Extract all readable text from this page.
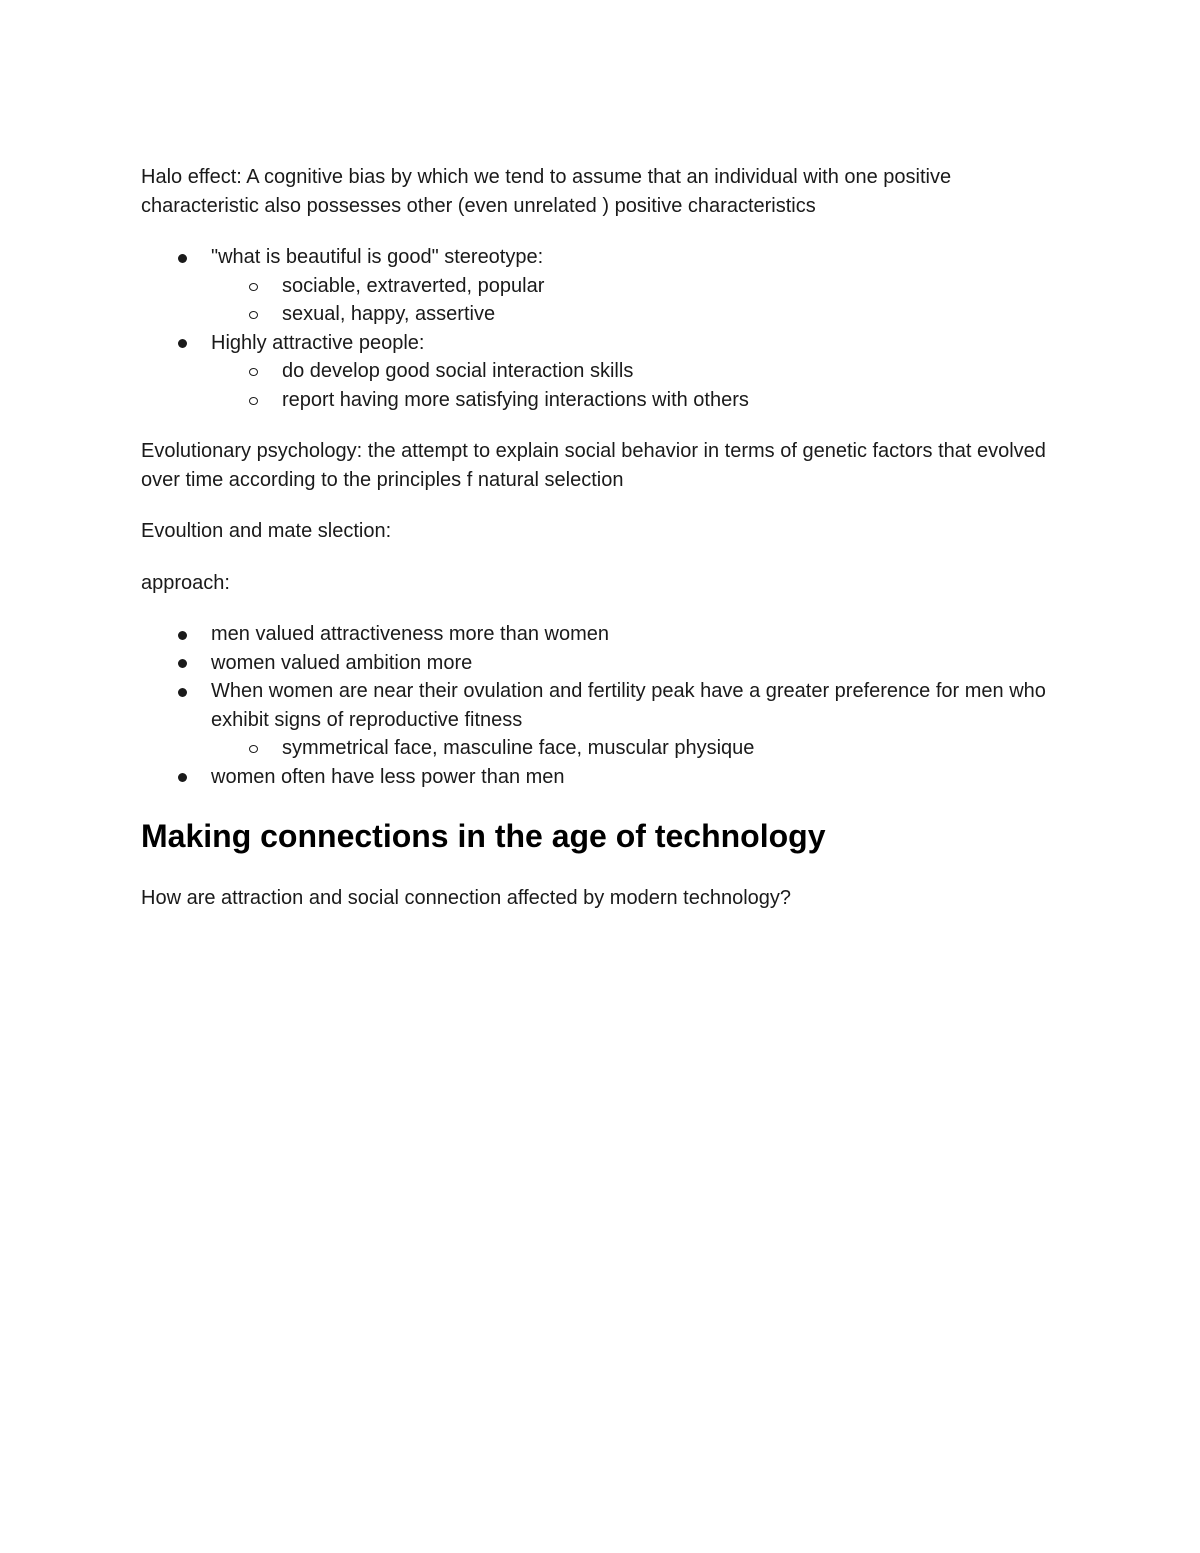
Halo effect: A cognitive bias by which we tend to assume that an individual with one positive characteristic also possesses other (even unrelated ) positive characteristics

"what is beautiful is good" stereotype:
sociable, extraverted, popular
sexual, happy, assertive
Highly attractive people:
do develop good social interaction skills
report having more satisfying interactions with others

Evolutionary psychology: the attempt to explain social behavior in terms of genetic factors that evolved over time according to the principles f natural selection

Evoultion and mate slection:

approach:

men valued attractiveness more than women
women valued ambition more
When women are near their ovulation and fertility peak have a greater preference for men who exhibit signs of reproductive fitness
symmetrical face, masculine face, muscular physique
women often have less power than men
Making connections in the age of technology

How are attraction and social connection affected by modern technology?
